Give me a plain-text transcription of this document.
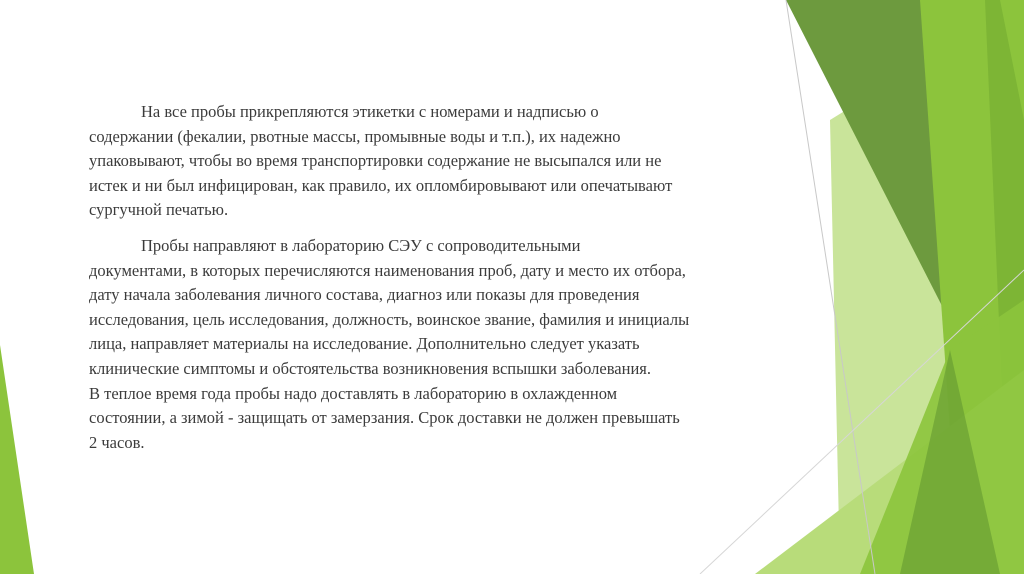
На все пробы прикрепляются этикетки с номерами и надписью о
содержании (фекалии, рвотные массы, промывные воды и т.п.), их надежно
упаковывают, чтобы во время транспортировки содержание не высыпался или не
истек и ни был инфицирован, как правило, их опломбировывают или опечатывают
сургучной печатью.
Пробы направляют в лабораторию СЭУ с сопроводительными
документами, в которых перечисляются наименования проб, дату и место их отбора,
дату начала заболевания личного состава, диагноз или показы для проведения
исследования, цель исследования, должность, воинское звание, фамилия и инициалы
лица, направляет материалы на исследование. Дополнительно следует указать
клинические симптомы и обстоятельства возникновения вспышки заболевания.
В теплое время года пробы надо доставлять в лабораторию в охлажденном
состоянии, а зимой - защищать от замерзания. Срок доставки не должен превышать
2 часов.
